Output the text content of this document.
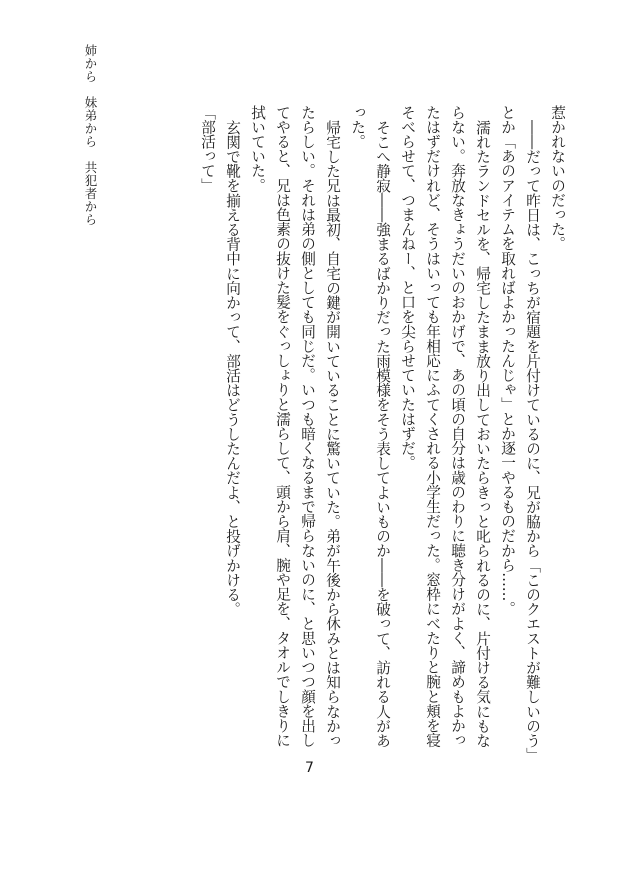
姉から　妹弟から　共犯者から	惹かれないのだった。

――だって昨日は、こっちが宿題を片付けているのに、兄が脇から「このクエストが難しいのう」とか「あのアイテムを取ればよかったんじゃ」とか逐一やるものだから……。

濡れたランドセルを、帰宅したまま放り出しておいたらきっと叱られるのに、片付ける気にもならない。奔放なきょうだいのおかげで、あの頃の自分は歳のわりに聴き分けがよく、諦めもよかったはずだけれど、そうはいっても年相応にふてくされる小学生だった。窓枠にべたりと腕と頬を寝そべらせて、つまんねー、と口を尖らせていたはずだ。

そこへ静寂――強まるばかりだった雨模様をそう表してよいものか――を破って、訪れる人があった。

帰宅した兄は最初、自宅の鍵が開いていることに驚いていた。弟が午後から休みとは知らなかったらしい。それは弟の側としても同じだ。いつも暗くなるまで帰らないのに、と思いつつ顔を出してやると、兄は色素の抜けた髪をぐっしょりと濡らして、頭から肩、腕や足を、タオルでしきりに拭いていた。

玄関で靴を揃える背中に向かって、部活はどうしたんだよ、と投げかける。

「部活って」

7
